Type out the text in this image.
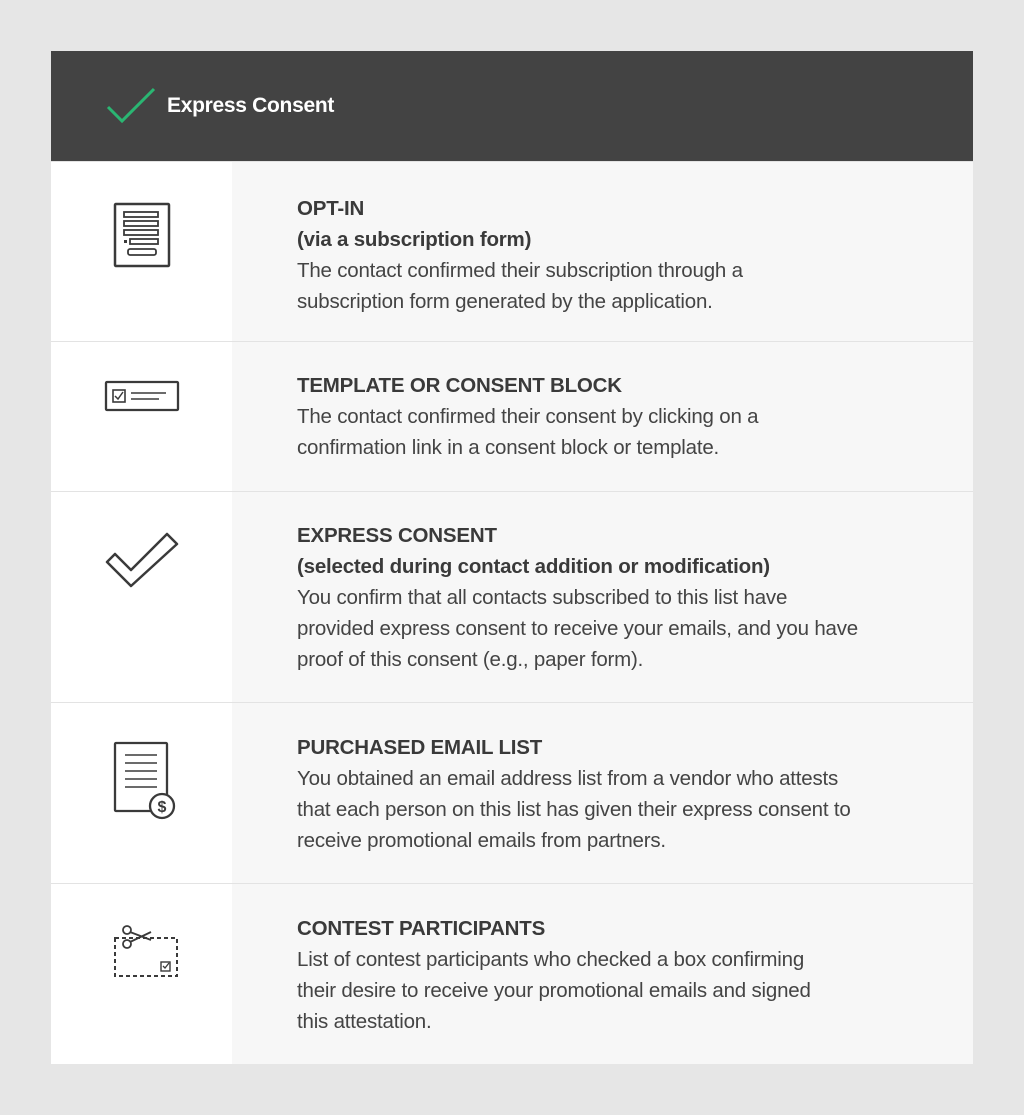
Express Consent
OPT-IN
(via a subscription form)
The contact confirmed their subscription through a
subscription form generated by the application.
TEMPLATE OR CONSENT BLOCK
The contact confirmed their consent by clicking on a
confirmation link in a consent block or template.
EXPRESS CONSENT
(selected during contact addition or modification)
You confirm that all contacts subscribed to this list have
provided express consent to receive your emails, and you have
proof of this consent (e.g., paper form).
$
PURCHASED EMAIL LIST
You obtained an email address list from a vendor who attests
that each person on this list has given their express consent to
receive promotional emails from partners.
CONTEST PARTICIPANTS
List of contest participants who checked a box confirming
their desire to receive your promotional emails and signed
this attestation.
